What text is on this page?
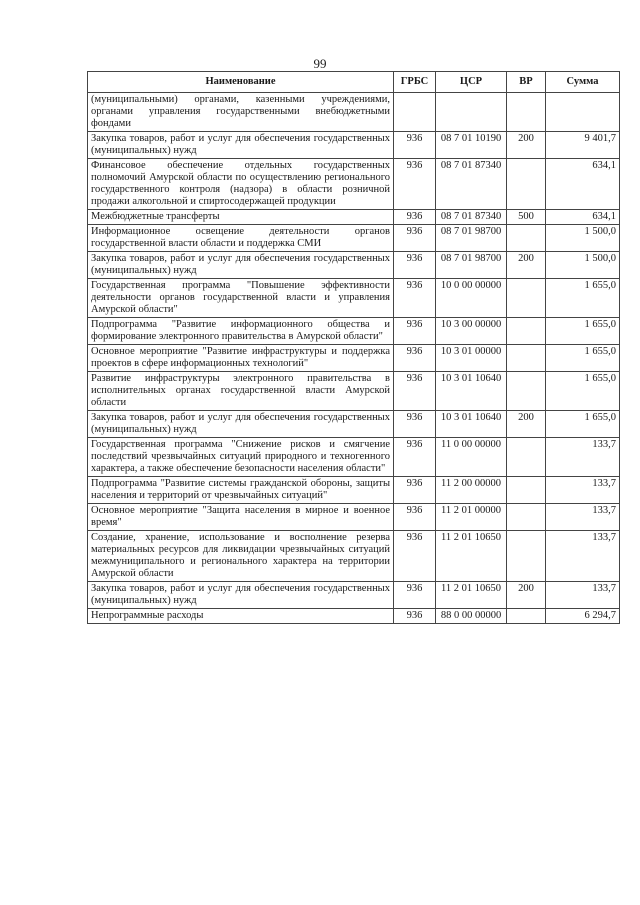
99
Наименование	ГРБС	ЦСР	ВР	Сумма
(муниципальными) органами, казенными учреждениями, органами управления государственными внебюджетными фондами				
Закупка товаров, работ и услуг для обеспечения государственных (муниципальных) нужд	936	08 7 01 10190	200	9 401,7
Финансовое обеспечение отдельных государственных полномочий Амурской области по осуществлению регионального государственного контроля (надзора) в области розничной продажи алкогольной и спиртосодержащей продукции	936	08 7 01 87340		634,1
Межбюджетные трансферты	936	08 7 01 87340	500	634,1
Информационное освещение деятельности органов государственной власти области и поддержка СМИ	936	08 7 01 98700		1 500,0
Закупка товаров, работ и услуг для обеспечения государственных (муниципальных) нужд	936	08 7 01 98700	200	1 500,0
Государственная программа "Повышение эффективности деятельности органов государственной власти и управления Амурской области"	936	10 0 00 00000		1 655,0
Подпрограмма "Развитие информационного общества и формирование электронного правительства в Амурской области"	936	10 3 00 00000		1 655,0
Основное мероприятие "Развитие инфраструктуры и поддержка проектов в сфере информационных технологий"	936	10 3 01 00000		1 655,0
Развитие инфраструктуры электронного правительства в исполнительных органах государственной власти Амурской области	936	10 3 01 10640		1 655,0
Закупка товаров, работ и услуг для обеспечения государственных (муниципальных) нужд	936	10 3 01 10640	200	1 655,0
Государственная программа "Снижение рисков и смягчение последствий чрезвычайных ситуаций природного и техногенного характера, а также обеспечение безопасности населения области"	936	11 0 00 00000		133,7
Подпрограмма "Развитие системы гражданской обороны, защиты населения и территорий от чрезвычайных ситуаций"	936	11 2 00 00000		133,7
Основное мероприятие "Защита населения в мирное и военное время"	936	11 2 01 00000		133,7
Создание, хранение, использование и восполнение резерва материальных ресурсов для ликвидации чрезвычайных ситуаций межмуниципального и регионального характера на территории Амурской области	936	11 2 01 10650		133,7
Закупка товаров, работ и услуг для обеспечения государственных (муниципальных) нужд	936	11 2 01 10650	200	133,7
Непрограммные расходы	936	88 0 00 00000		6 294,7
